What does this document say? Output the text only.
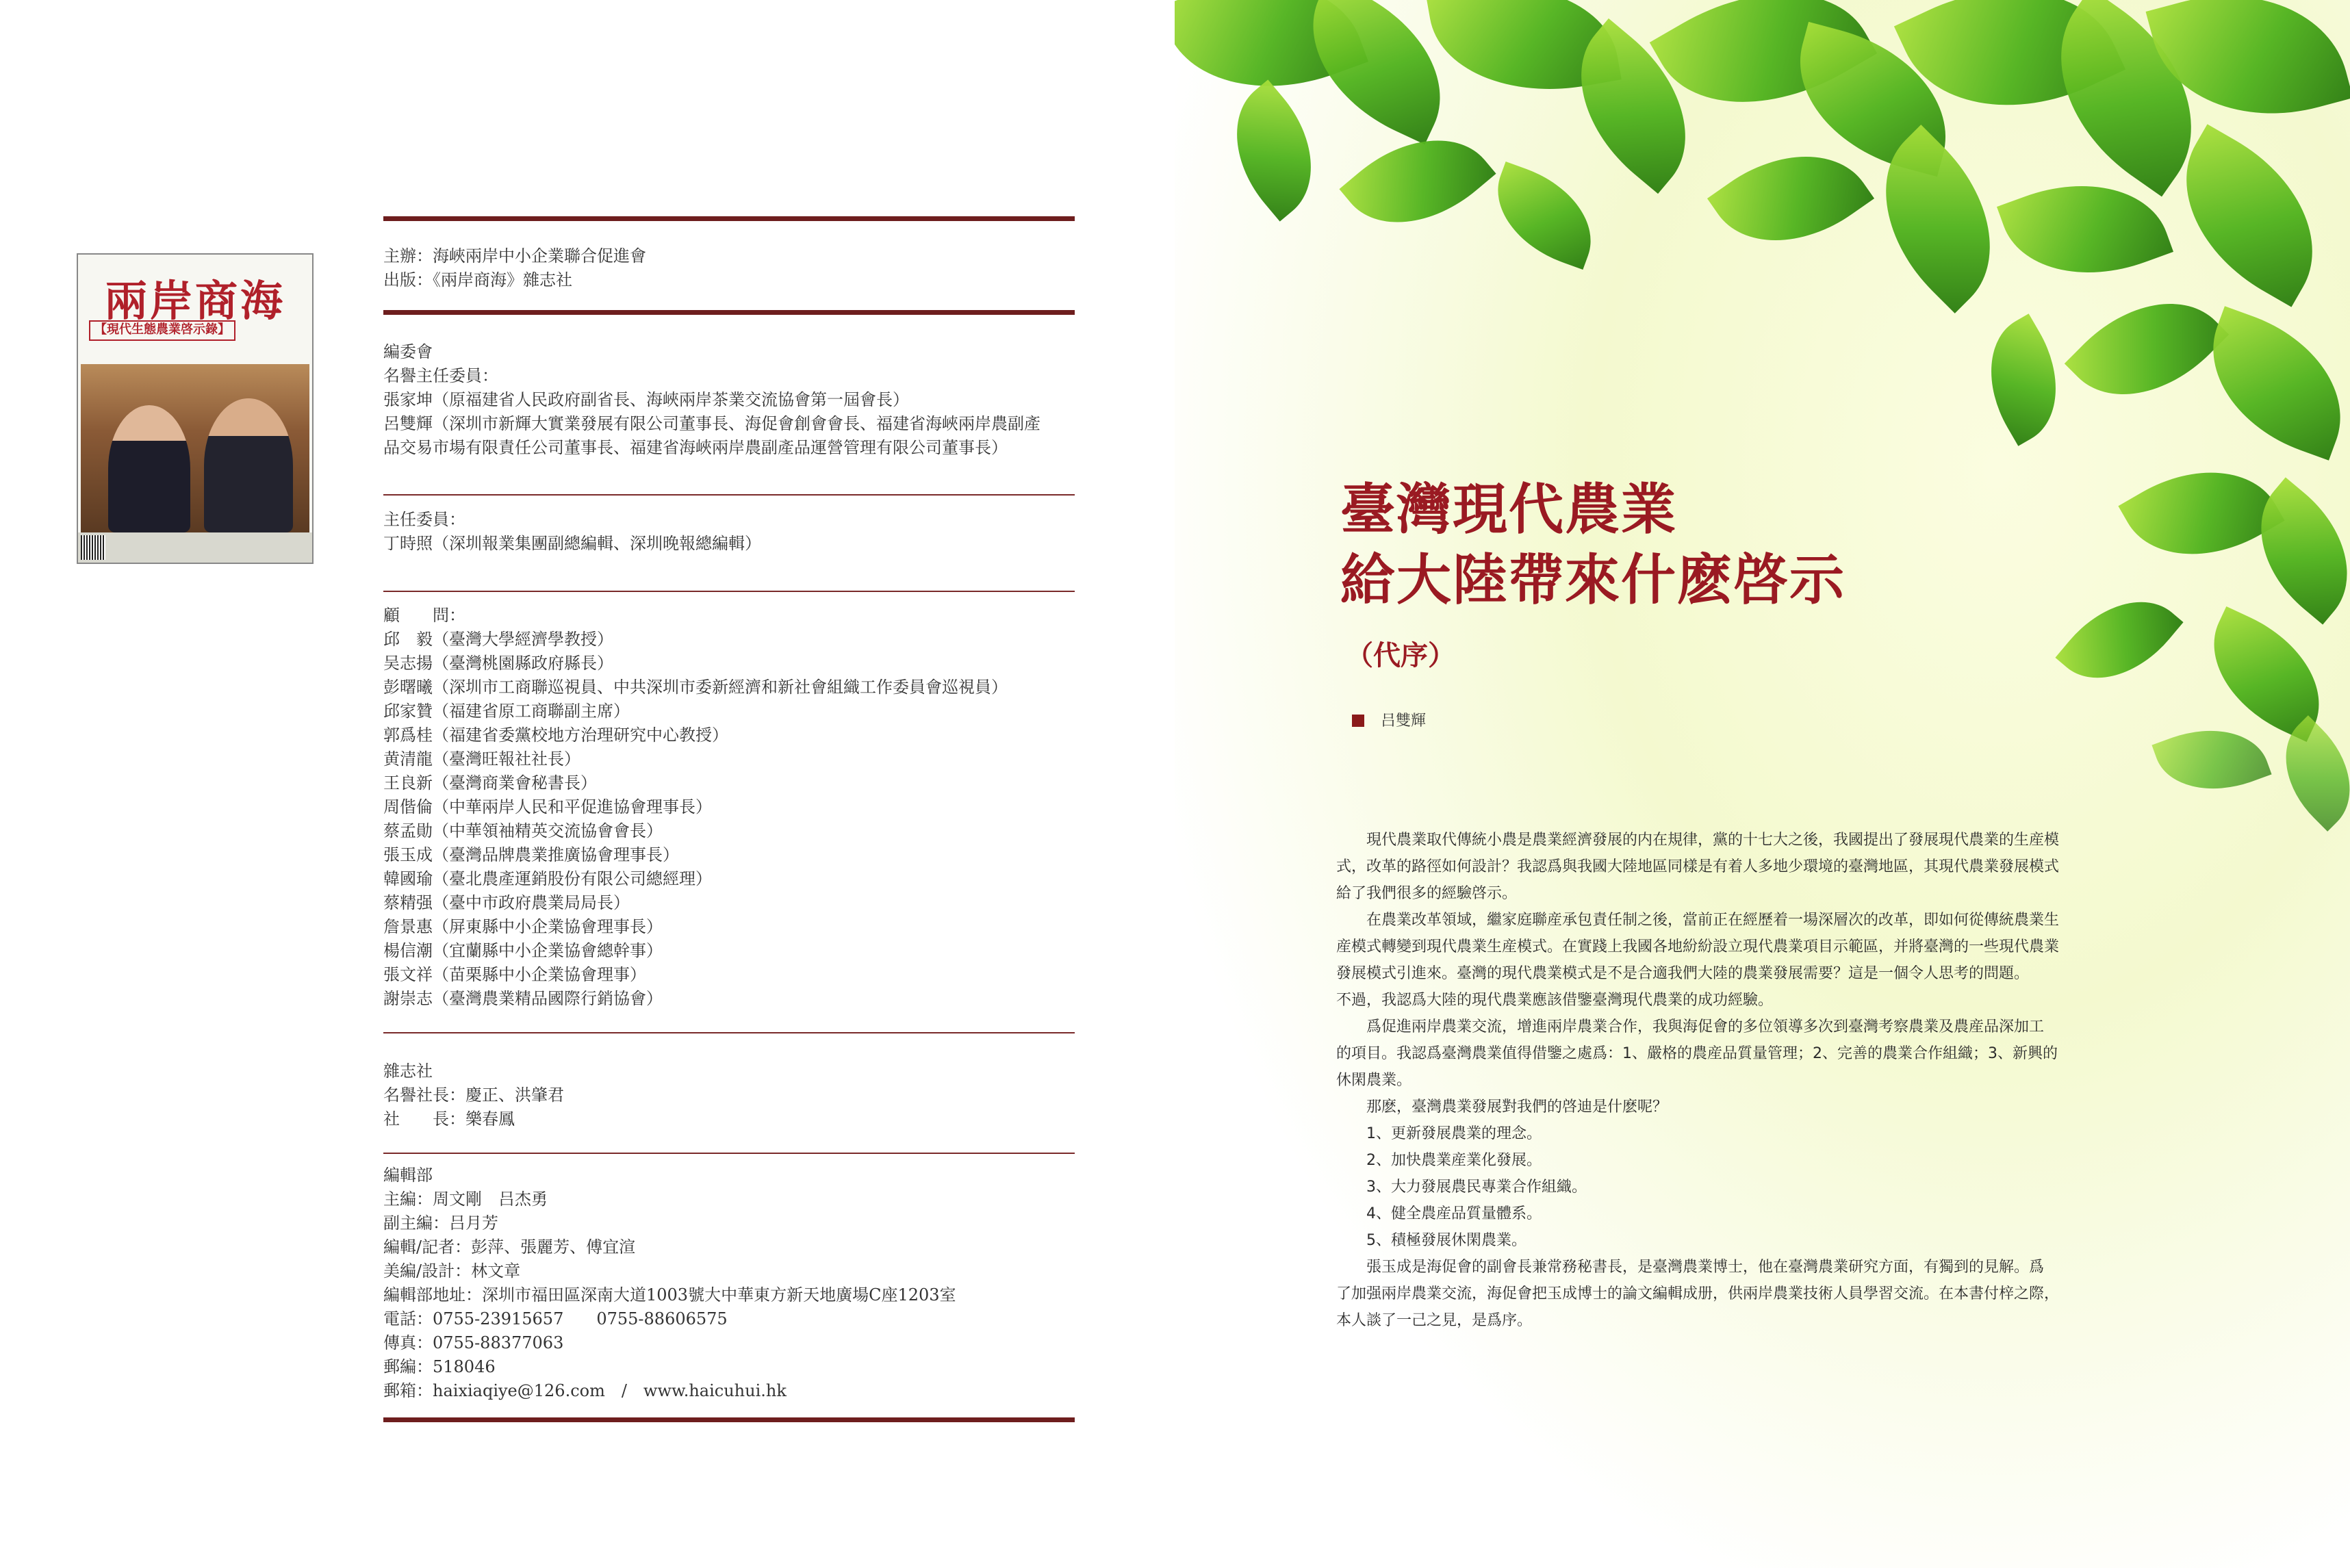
兩岸商海
【現代生態農業啓示錄】
主辦：海峽兩岸中小企業聯合促進會
出版：《兩岸商海》雜志社
編委會
名譽主任委員：
張家坤（原福建省人民政府副省長、海峽兩岸茶業交流協會第一屆會長）
呂雙輝（深圳市新輝大實業發展有限公司董事長、海促會創會會長、福建省海峽兩岸農副產
品交易市場有限責任公司董事長、福建省海峽兩岸農副產品運營管理有限公司董事長）
主任委員：
丁時照（深圳報業集團副總編輯、深圳晚報總編輯）
顧　　問：
邱　毅（臺灣大學經濟學教授）
吴志揚（臺灣桃園縣政府縣長）
彭曙曦（深圳市工商聯巡視員、中共深圳市委新經濟和新社會組織工作委員會巡視員）
邱家贊（福建省原工商聯副主席）
郭爲桂（福建省委黨校地方治理研究中心教授）
黄清龍（臺灣旺報社社長）
王良新（臺灣商業會秘書長）
周偕倫（中華兩岸人民和平促進協會理事長）
蔡孟勛（中華領袖精英交流協會會長）
張玉成（臺灣品牌農業推廣協會理事長）
韓國瑜（臺北農產運銷股份有限公司總經理）
蔡精强（臺中市政府農業局局長）
詹景惠（屏東縣中小企業協會理事長）
楊信潮（宜蘭縣中小企業協會總幹事）
張文祥（苗栗縣中小企業協會理事）
謝崇志（臺灣農業精品國際行銷協會）
雜志社
名譽社長：慶正、洪肇君
社　　長：樂春鳳
編輯部
主編：周文剛　吕杰勇
副主編：吕月芳
編輯/記者：彭萍、張麗芳、傅宜渲
美編/設計：林文章
編輯部地址：深圳市福田區深南大道1003號大中華東方新天地廣場C座1203室
電話：0755-23915657　　0755-88606575
傳真：0755-88377063
郵編：518046
郵箱：haixiaqiye@126.com　/　www.haicuhui.hk
臺灣現代農業
給大陸帶來什麽啓示
（代序）
吕雙輝

　　現代農業取代傳統小農是農業經濟發展的内在規律，黨的十七大之後，我國提出了發展現代農業的生産模

式，改革的路徑如何設計？我認爲與我國大陸地區同樣是有着人多地少環境的臺灣地區，其現代農業發展模式

給了我們很多的經驗啓示。

　　在農業改革領域，繼家庭聯産承包責任制之後，當前正在經歷着一場深層次的改革，即如何從傳統農業生

産模式轉變到現代農業生産模式。在實踐上我國各地紛紛設立現代農業項目示範區，并將臺灣的一些現代農業

發展模式引進來。臺灣的現代農業模式是不是合適我們大陸的農業發展需要？這是一個令人思考的問題。

不過，我認爲大陸的現代農業應該借鑒臺灣現代農業的成功經驗。

　　爲促進兩岸農業交流，增進兩岸農業合作，我與海促會的多位領導多次到臺灣考察農業及農産品深加工

的項目。我認爲臺灣農業值得借鑒之處爲：1、嚴格的農産品質量管理；2、完善的農業合作組織；3、新興的

休閑農業。

　　那麽，臺灣農業發展對我們的啓迪是什麽呢？

　　1、更新發展農業的理念。

　　2、加快農業産業化發展。

　　3、大力發展農民專業合作組織。

　　4、健全農産品質量體系。

　　5、積極發展休閑農業。

　　張玉成是海促會的副會長兼常務秘書長，是臺灣農業博士，他在臺灣農業研究方面，有獨到的見解。爲

了加强兩岸農業交流，海促會把玉成博士的論文編輯成册，供兩岸農業技術人員學習交流。在本書付梓之際，

本人談了一己之見，是爲序。
